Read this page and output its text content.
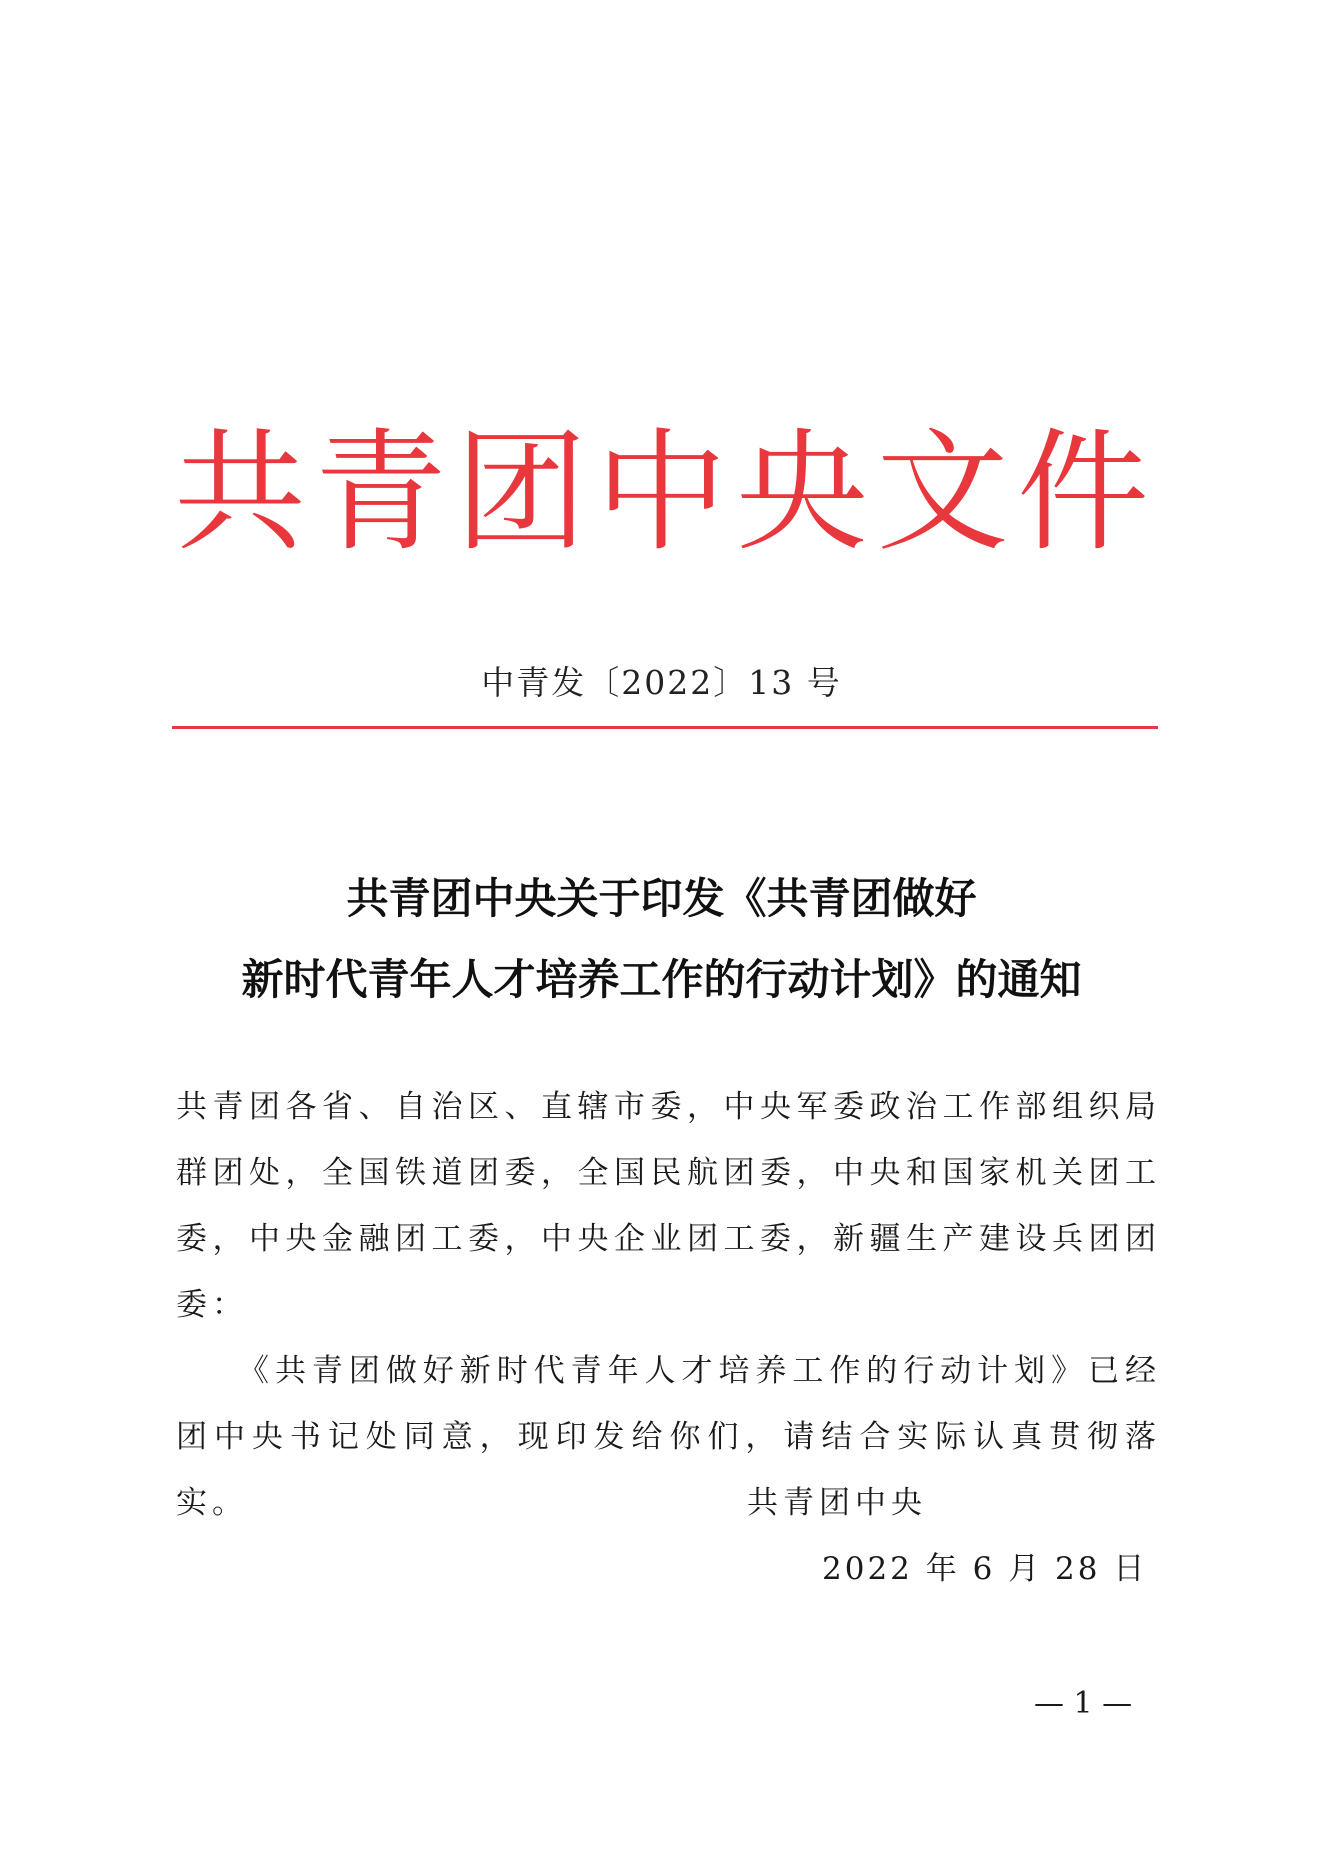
共 青 团 中 央 文 件
中青发〔2022〕13 号
共青团中央关于印发《共青团做好
新时代青年人才培养工作的行动计划》的通知

共青团各省、自治区、直辖市委，中央军委政治工作部组织局群团处，全国铁道团委，全国民航团委，中央和国家机关团工委，中央金融团工委，中央企业团工委，新疆生产建设兵团团委：

《共青团做好新时代青年人才培养工作的行动计划》已经团中央书记处同意，现印发给你们，请结合实际认真贯彻落实。	共青团中央
2022 年 6 月 28 日
— 1 —
